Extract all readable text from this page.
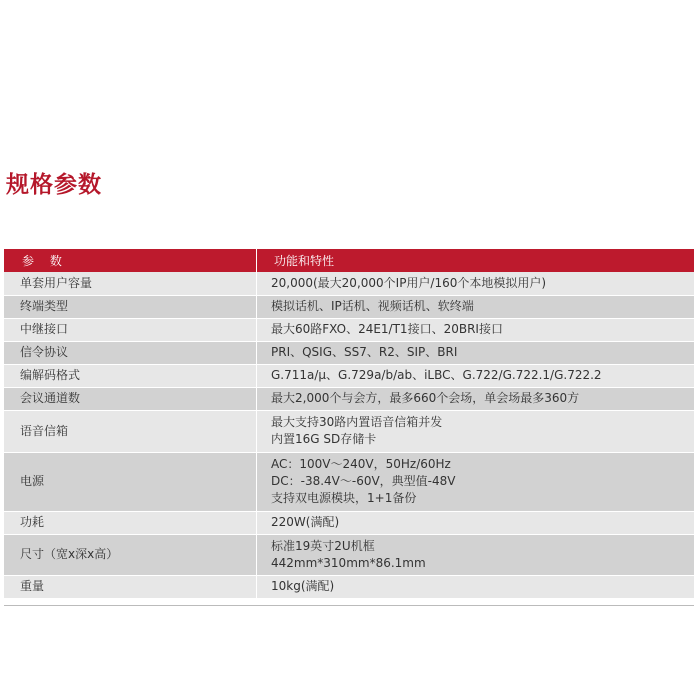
规格参数
参 数	功能和特性
单套用户容量	20,000(最大20,000个IP用户/160个本地模拟用户)

终端类型	模拟话机、IP话机、视频话机、软终端

中继接口	最大60路FXO、24E1/T1接口、20BRI接口

信令协议	PRI、QSIG、SS7、R2、SIP、BRI

编解码格式	G.711a/μ、G.729a/b/ab、iLBC、G.722/G.722.1/G.722.2

会议通道数	最大2,000个与会方，最多660个会场，单会场最多360方

语音信箱	最大支持30路内置语音信箱并发
内置16G SD存储卡

电源	AC：100V～240V，50Hz/60Hz
DC：-38.4V～-60V，典型值-48V
支持双电源模块，1+1备份

功耗	220W(满配)

尺寸（宽x深x高）	标准19英寸2U机框
442mm*310mm*86.1mm

重量	10kg(满配)
